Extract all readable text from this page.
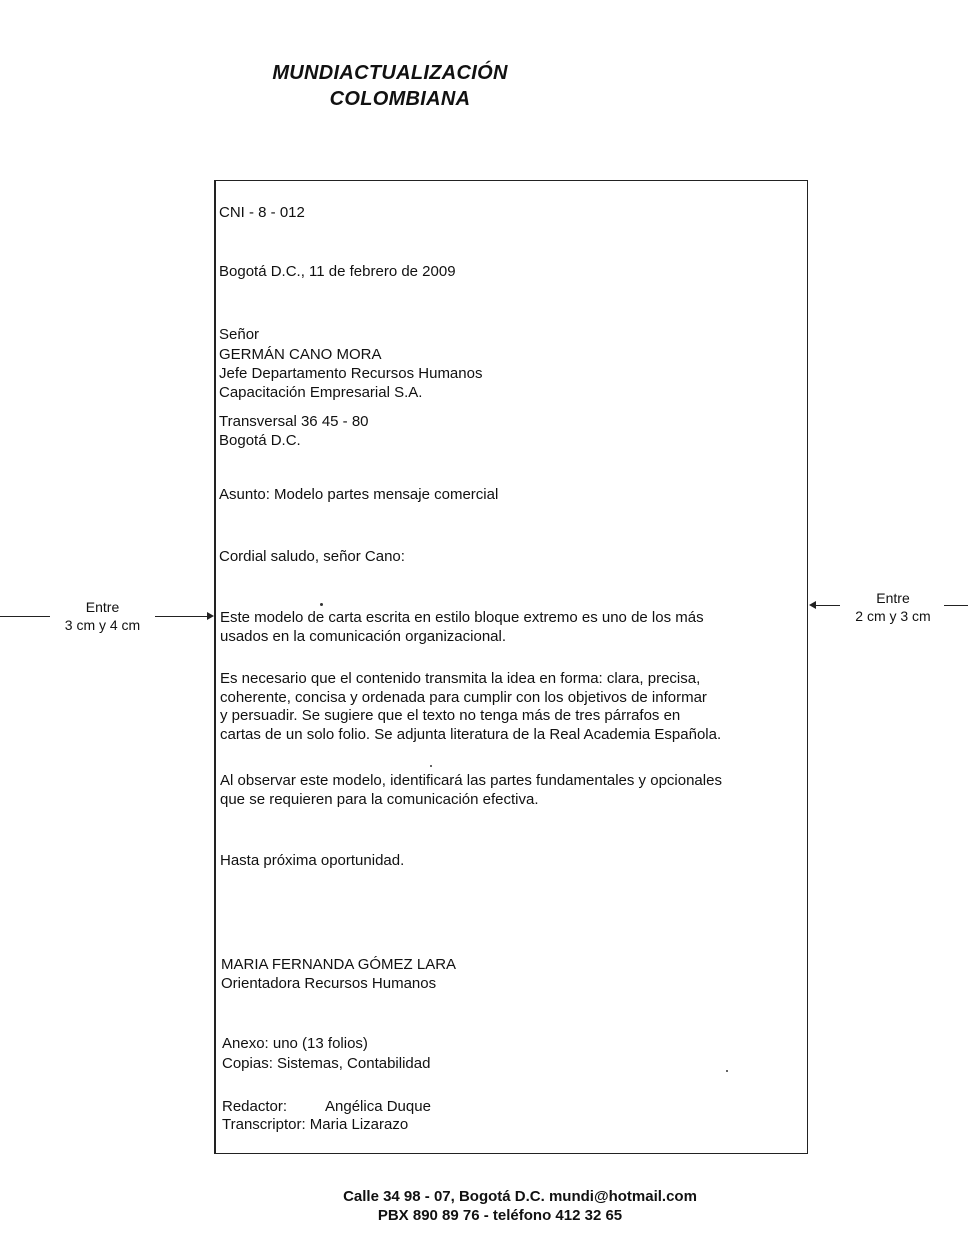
MUNDIACTUALIZACIÓN
COLOMBIANA

CNI - 8 - 012

Bogotá D.C., 11 de febrero de 2009

Señor

GERMÁN CANO MORA

Jefe Departamento Recursos Humanos

Capacitación Empresarial S.A.

Transversal 36 45 - 80

Bogotá D.C.

Asunto: Modelo partes mensaje comercial

Cordial saludo, señor Cano:

Este modelo de carta escrita en estilo bloque extremo es uno de los más

usados en la comunicación organizacional.

Es necesario que el contenido transmita la idea en forma: clara, precisa,

coherente, concisa y ordenada para cumplir con los objetivos de informar

y persuadir. Se sugiere que el texto no tenga más de tres párrafos en

cartas de un solo folio. Se adjunta literatura de la Real Academia Española.

Al observar este modelo, identificará las partes fundamentales y opcionales

que se requieren para la comunicación efectiva.

Hasta próxima oportunidad.

MARIA FERNANDA GÓMEZ LARA

Orientadora Recursos Humanos

Anexo: uno (13 folios)

Copias: Sistemas, Contabilidad

Redactor:	Angélica Duque

Transcriptor: Maria Lizarazo

Entre
3 cm y 4 cm
Entre
2 cm y 3 cm

Calle 34 98 - 07, Bogotá D.C. mundi@hotmail.com

PBX 890 89 76 - teléfono 412 32 65
